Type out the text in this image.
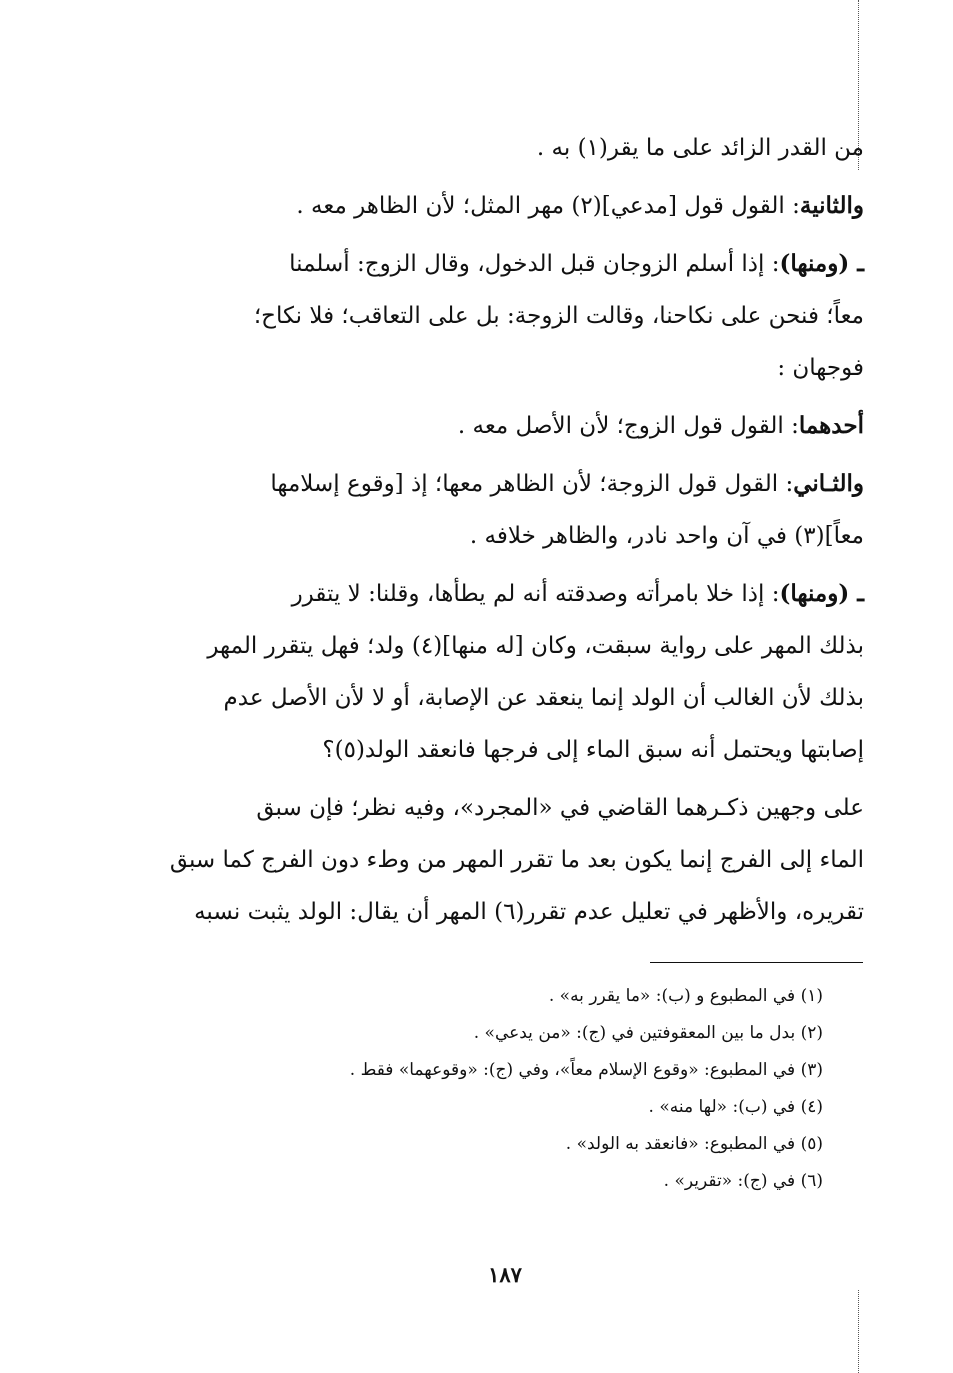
من القدر الزائد على ما يقر(١) به .
والثانية: القول قول [مدعي](٢) مهر المثل؛ لأن الظاهر معه .
ـ (ومنها): إذا أسلم الزوجان قبل الدخول، وقال الزوج: أسلمنا
معاً؛ فنحن على نكاحنا، وقالت الزوجة: بل على التعاقب؛ فلا نكاح؛
فوجهان :
أحدهما: القول قول الزوج؛ لأن الأصل معه .
والثـاني: القول قول الزوجة؛ لأن الظاهر معها؛ إذ [وقوع إسلامها
معاً](٣) في آن واحد نادر، والظاهر خلافه .
ـ (ومنها): إذا خلا بامرأته وصدقته أنه لم يطأها، وقلنا: لا يتقرر
بذلك المهر على رواية سبقت، وكان [له منها](٤) ولد؛ فهل يتقرر المهر
بذلك لأن الغالب أن الولد إنما ينعقد عن الإصابة، أو لا لأن الأصل عدم
إصابتها ويحتمل أنه سبق الماء إلى فرجها فانعقد الولد(٥)؟
على وجهين ذكـرهما القاضي في «المجرد»، وفيه نظر؛ فإن سبق
الماء إلى الفرج إنما يكون بعد ما تقرر المهر من وطء دون الفرج كما سبق
تقريره، والأظهر في تعليل عدم تقرر(٦) المهر أن يقال: الولد يثبت نسبه
(١) في المطبوع و (ب): «ما يقرر به» .
(٢) بدل ما بين المعقوفتين في (ج): «من يدعي» .
(٣) في المطبوع: «وقوع الإسلام معاً»، وفي (ج): «وقوعهما» فقط .
(٤) في (ب): «لها منه» .
(٥) في المطبوع: «فانعقد به الولد» .
(٦) في (ج): «تقرير» .
١٨٧
